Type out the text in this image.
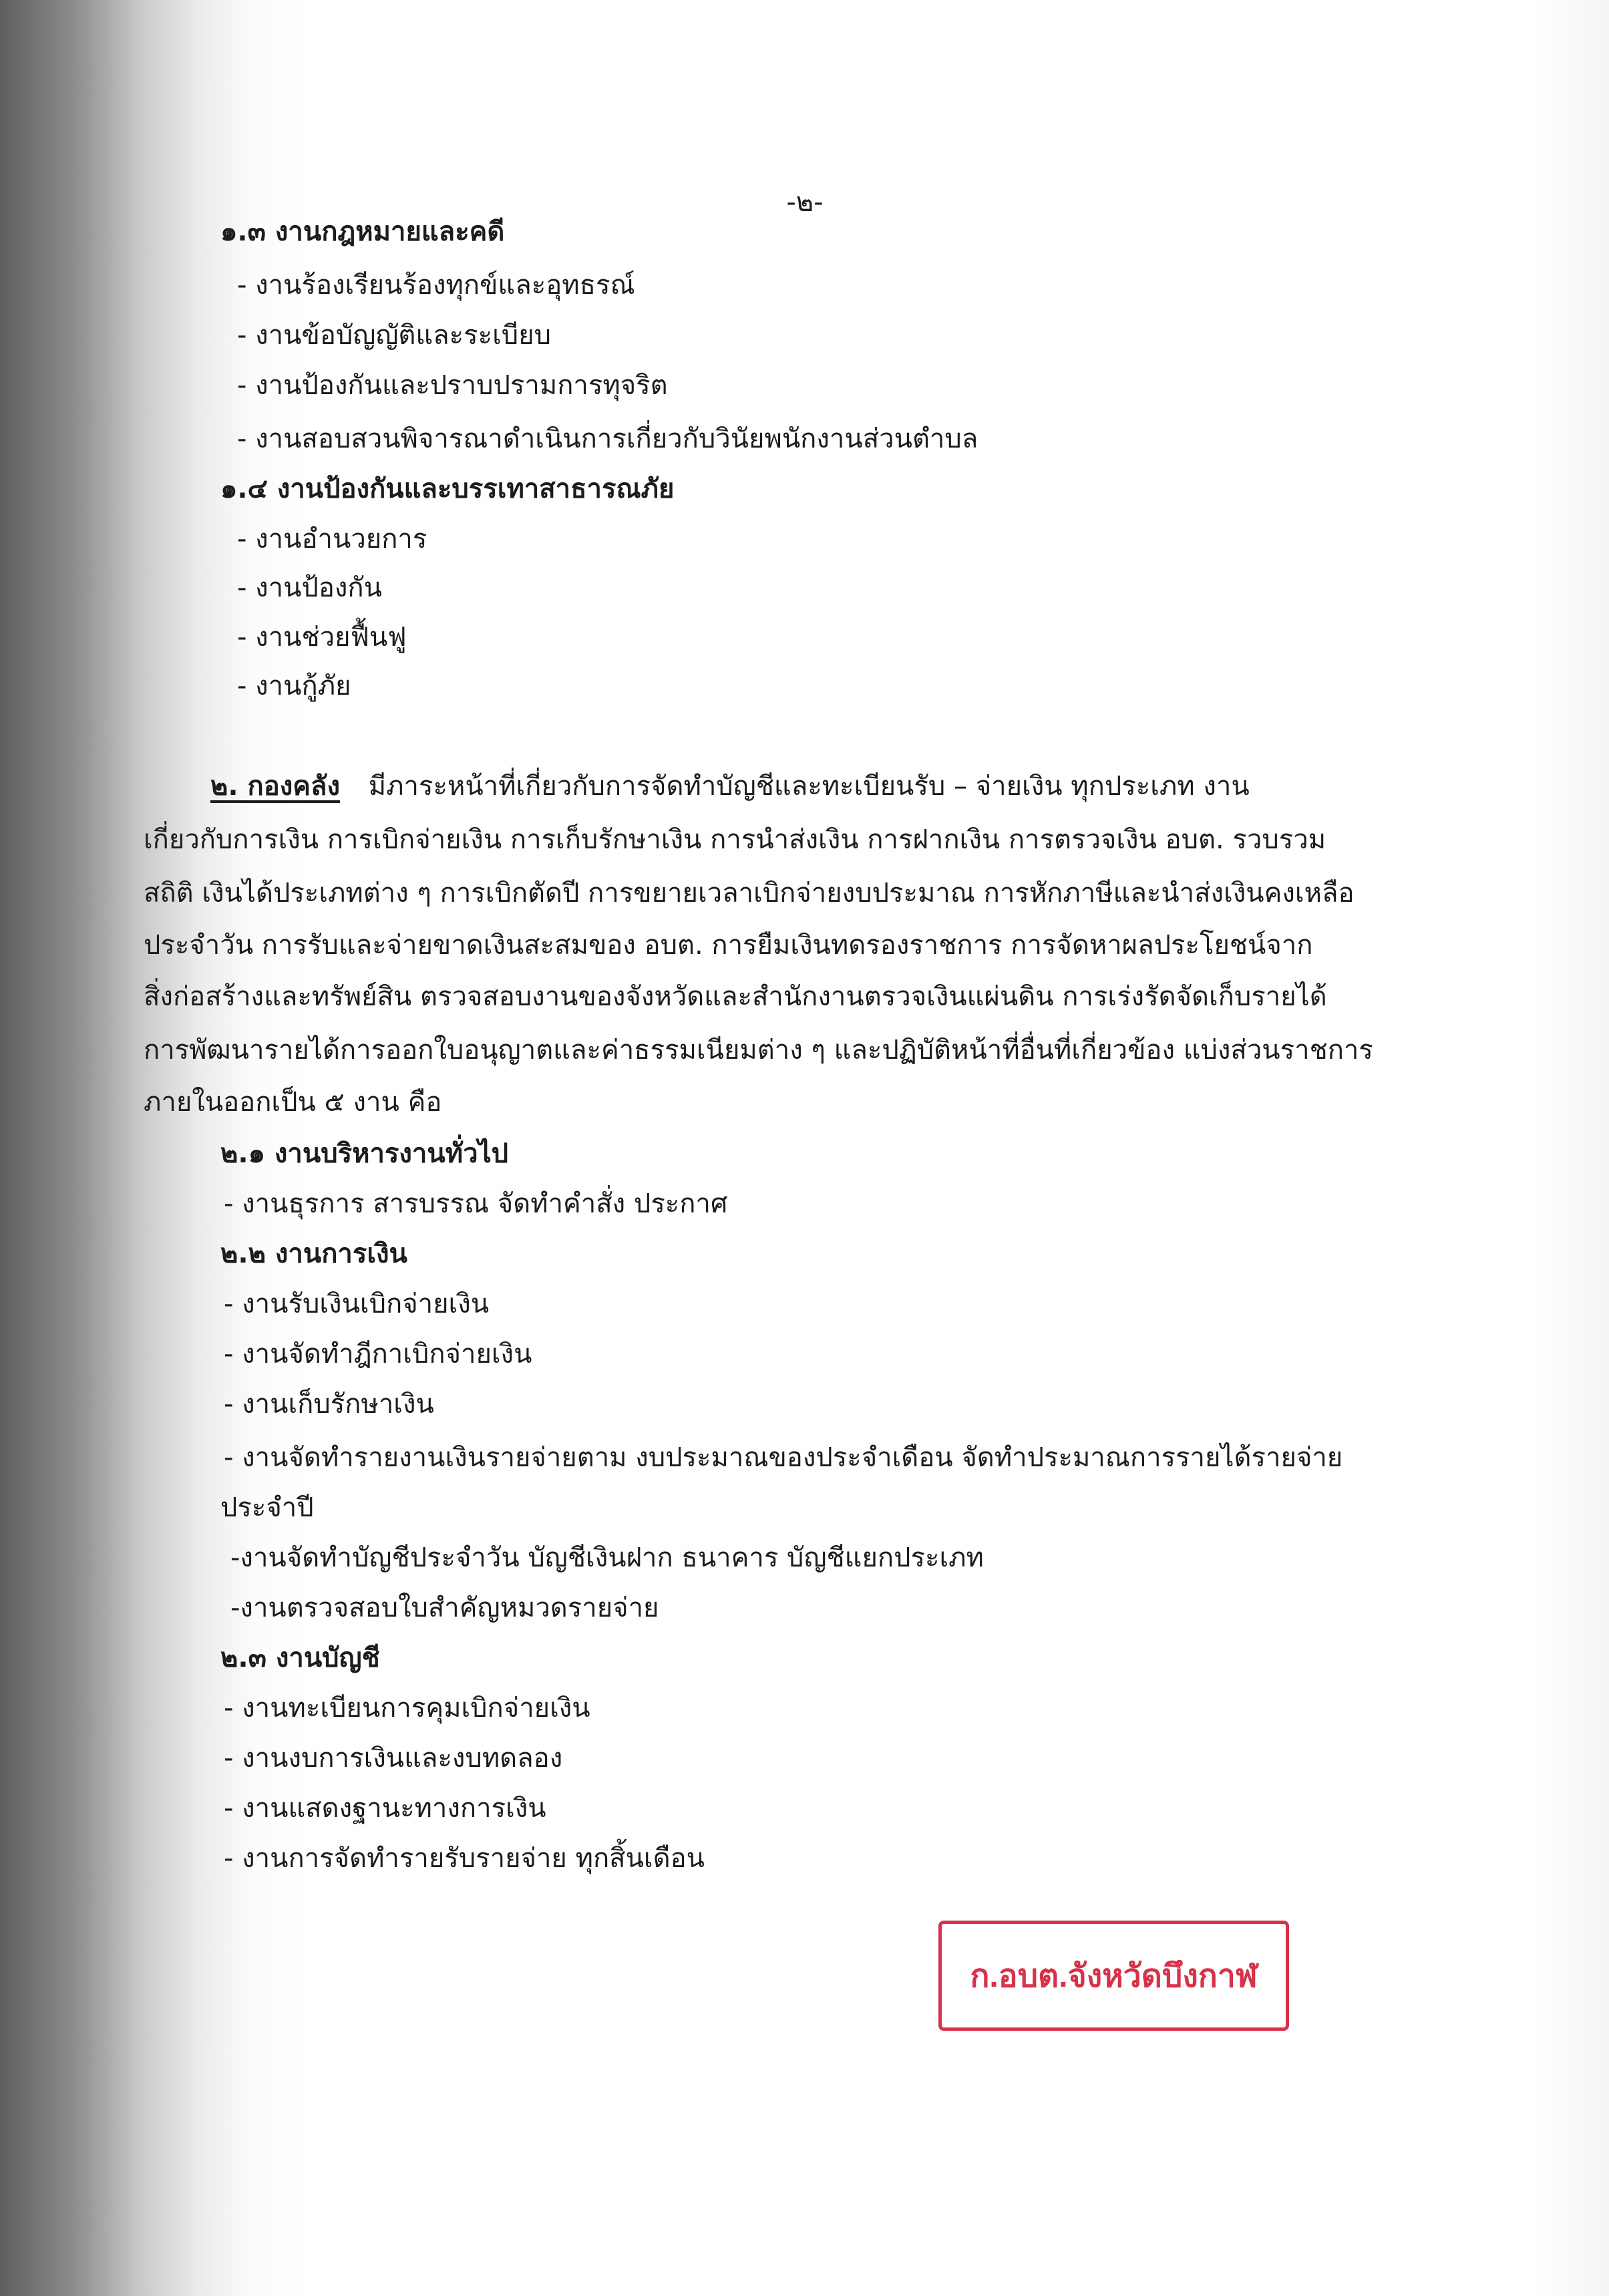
-๒-
๑.๓ งานกฎหมายและคดี
- งานร้องเรียนร้องทุกข์และอุทธรณ์
- งานข้อบัญญัติและระเบียบ
- งานป้องกันและปราบปรามการทุจริต
- งานสอบสวนพิจารณาดำเนินการเกี่ยวกับวินัยพนักงานส่วนตำบล
๑.๔ งานป้องกันและบรรเทาสาธารณภัย
- งานอำนวยการ
- งานป้องกัน
- งานช่วยฟื้นฟู
- งานกู้ภัย
๒. กองคลัง มีภาระหน้าที่เกี่ยวกับการจัดทำบัญชีและทะเบียนรับ – จ่ายเงิน ทุกประเภท งาน
เกี่ยวกับการเงิน การเบิกจ่ายเงิน การเก็บรักษาเงิน การนำส่งเงิน การฝากเงิน การตรวจเงิน อบต. รวบรวม
สถิติ เงินได้ประเภทต่าง ๆ การเบิกตัดปี การขยายเวลาเบิกจ่ายงบประมาณ การหักภาษีและนำส่งเงินคงเหลือ
ประจำวัน การรับและจ่ายขาดเงินสะสมของ อบต. การยืมเงินทดรองราชการ การจัดหาผลประโยชน์จาก
สิ่งก่อสร้างและทรัพย์สิน ตรวจสอบงานของจังหวัดและสำนักงานตรวจเงินแผ่นดิน การเร่งรัดจัดเก็บรายได้
การพัฒนารายได้การออกใบอนุญาตและค่าธรรมเนียมต่าง ๆ และปฏิบัติหน้าที่อื่นที่เกี่ยวข้อง แบ่งส่วนราชการ
ภายในออกเป็น ๕ งาน คือ
๒.๑ งานบริหารงานทั่วไป
- งานธุรการ สารบรรณ จัดทำคำสั่ง ประกาศ
๒.๒ งานการเงิน
- งานรับเงินเบิกจ่ายเงิน
- งานจัดทำฎีกาเบิกจ่ายเงิน
- งานเก็บรักษาเงิน
- งานจัดทำรายงานเงินรายจ่ายตาม งบประมาณของประจำเดือน จัดทำประมาณการรายได้รายจ่าย
ประจำปี
-งานจัดทำบัญชีประจำวัน บัญชีเงินฝาก ธนาคาร บัญชีแยกประเภท
-งานตรวจสอบใบสำคัญหมวดรายจ่าย
๒.๓ งานบัญชี
- งานทะเบียนการคุมเบิกจ่ายเงิน
- งานงบการเงินและงบทดลอง
- งานแสดงฐานะทางการเงิน
- งานการจัดทำรายรับรายจ่าย ทุกสิ้นเดือน
ก.อบต.จังหวัดบึงกาฬ
